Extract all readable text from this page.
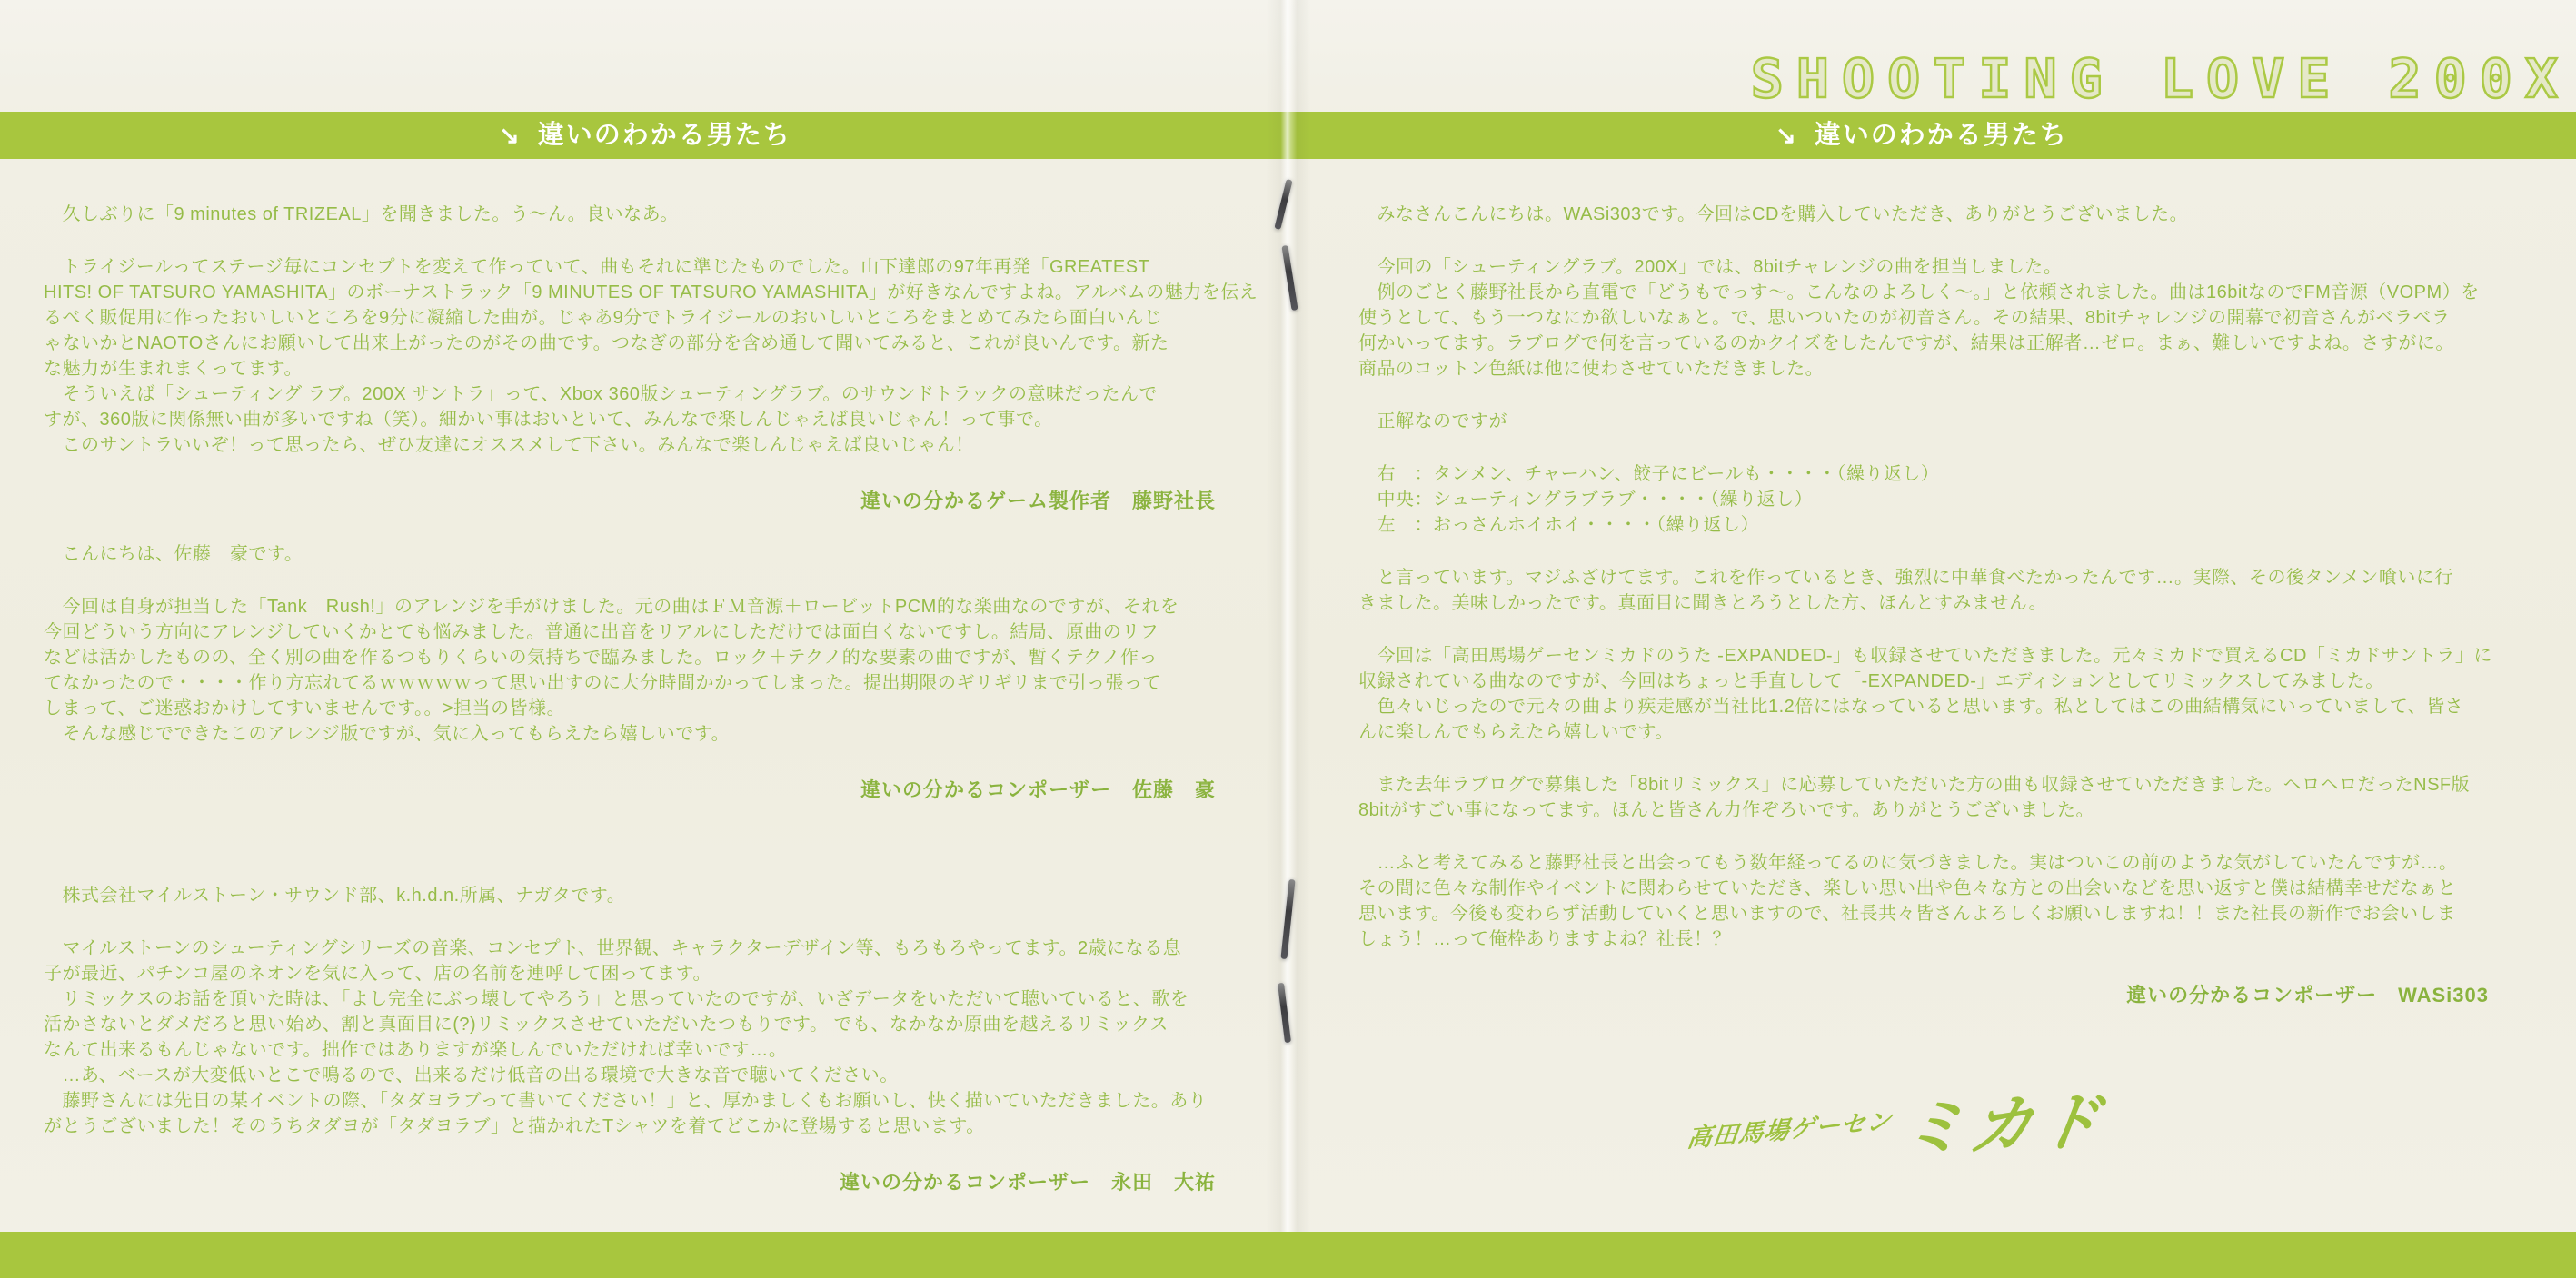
SHOOTING LOVE 200X
↘ 違いのわかる男たち	↘ 違いのわかる男たち
　久しぶりに「9 minutes of TRIZEAL」を聞きました。う～ん。良いなあ。
　トライジールってステージ毎にコンセプトを変えて作っていて、曲もそれに準じたものでした。山下達郎の97年再発「GREATEST
HITS! OF TATSURO YAMASHITA」のボーナストラック「9 MINUTES OF TATSURO YAMASHITA」が好きなんですよね。アルバムの魅力を伝え
るべく販促用に作ったおいしいところを9分に凝縮した曲が。じゃあ9分でトライジールのおいしいところをまとめてみたら面白いんじ
ゃないかとNAOTOさんにお願いして出来上がったのがその曲です。つなぎの部分を含め通して聞いてみると、これが良いんです。新た
な魅力が生まれまくってます。
　そういえば「シューティング ラブ。200X サントラ」って、Xbox 360版シューティングラブ。のサウンドトラックの意味だったんで
すが、360版に関係無い曲が多いですね（笑）。細かい事はおいといて、みんなで楽しんじゃえば良いじゃん！って事で。
　このサントラいいぞ！って思ったら、ぜひ友達にオススメして下さい。みんなで楽しんじゃえば良いじゃん！
違いの分かるゲーム製作者　藤野社長
　こんにちは、佐藤　豪です。
　今回は自身が担当した「Tank　Rush!」のアレンジを手がけました。元の曲はＦＭ音源＋ロービットPCM的な楽曲なのですが、それを
今回どういう方向にアレンジしていくかとても悩みました。普通に出音をリアルにしただけでは面白くないですし。結局、原曲のリフ
などは活かしたものの、全く別の曲を作るつもりくらいの気持ちで臨みました。ロック＋テクノ的な要素の曲ですが、暫くテクノ作っ
てなかったので・・・・作り方忘れてるｗｗｗｗｗって思い出すのに大分時間かかってしまった。提出期限のギリギリまで引っ張って
しまって、ご迷惑おかけしてすいませんです。。>担当の皆様。
　そんな感じでできたこのアレンジ版ですが、気に入ってもらえたら嬉しいです。
違いの分かるコンポーザー　佐藤　豪
　株式会社マイルストーン・サウンド部、k.h.d.n.所属、ナガタです。
　マイルストーンのシューティングシリーズの音楽、コンセプト、世界観、キャラクターデザイン等、もろもろやってます。2歳になる息
子が最近、パチンコ屋のネオンを気に入って、店の名前を連呼して困ってます。
　リミックスのお話を頂いた時は、「よし完全にぶっ壊してやろう」と思っていたのですが、いざデータをいただいて聴いていると、歌を
活かさないとダメだろと思い始め、割と真面目に(?)リミックスさせていただいたつもりです。 でも、なかなか原曲を越えるリミックス
なんて出来るもんじゃないです。拙作ではありますが楽しんでいただければ幸いです…。
　…あ、ベースが大変低いとこで鳴るので、出来るだけ低音の出る環境で大きな音で聴いてください。
　藤野さんには先日の某イベントの際、「タダヨラブって書いてください！」と、厚かましくもお願いし、快く描いていただきました。あり
がとうございました！そのうちタダヨが「タダヨラブ」と描かれたTシャツを着てどこかに登場すると思います。
違いの分かるコンポーザー　永田　大祐
　みなさんこんにちは。WASi303です。今回はCDを購入していただき、ありがとうございました。
　今回の「シューティングラブ。200X」では、8bitチャレンジの曲を担当しました。
　例のごとく藤野社長から直電で「どうもでっす～。こんなのよろしく～。」と依頼されました。曲は16bitなのでFM音源（VOPM）を
使うとして、もう一つなにか欲しいなぁと。で、思いついたのが初音さん。その結果、8bitチャレンジの開幕で初音さんがベラベラ
何かいってます。ラブログで何を言っているのかクイズをしたんですが、結果は正解者…ゼロ。まぁ、難しいですよね。さすがに。
商品のコットン色紙は他に使わさせていただきました。
　正解なのですが
　右　：タンメン、チャーハン、餃子にビールも・・・・（繰り返し）
　中央：シューティングラブラブ・・・・（繰り返し）
　左　：おっさんホイホイ・・・・（繰り返し）
　と言っています。マジふざけてます。これを作っているとき、強烈に中華食べたかったんです…。実際、その後タンメン喰いに行
きました。美味しかったです。真面目に聞きとろうとした方、ほんとすみません。
　今回は「高田馬場ゲーセンミカドのうた -EXPANDED-」も収録させていただきました。元々ミカドで買えるCD「ミカドサントラ」に
収録されている曲なのですが、今回はちょっと手直しして「-EXPANDED-」エディションとしてリミックスしてみました。
　色々いじったので元々の曲より疾走感が当社比1.2倍にはなっていると思います。私としてはこの曲結構気にいっていまして、皆さ
んに楽しんでもらえたら嬉しいです。
　また去年ラブログで募集した「8bitリミックス」に応募していただいた方の曲も収録させていただきました。ヘロヘロだったNSF版
8bitがすごい事になってます。ほんと皆さん力作ぞろいです。ありがとうございました。
　…ふと考えてみると藤野社長と出会ってもう数年経ってるのに気づきました。実はついこの前のような気がしていたんですが…。
その間に色々な制作やイベントに関わらせていただき、楽しい思い出や色々な方との出会いなどを思い返すと僕は結構幸せだなぁと
思います。今後も変わらず活動していくと思いますので、社長共々皆さんよろしくお願いしますね！！また社長の新作でお会いしま
しょう！…って俺枠ありますよね？社長！？
違いの分かるコンポーザー　WASi303
高田馬場ゲーセン ミカド
